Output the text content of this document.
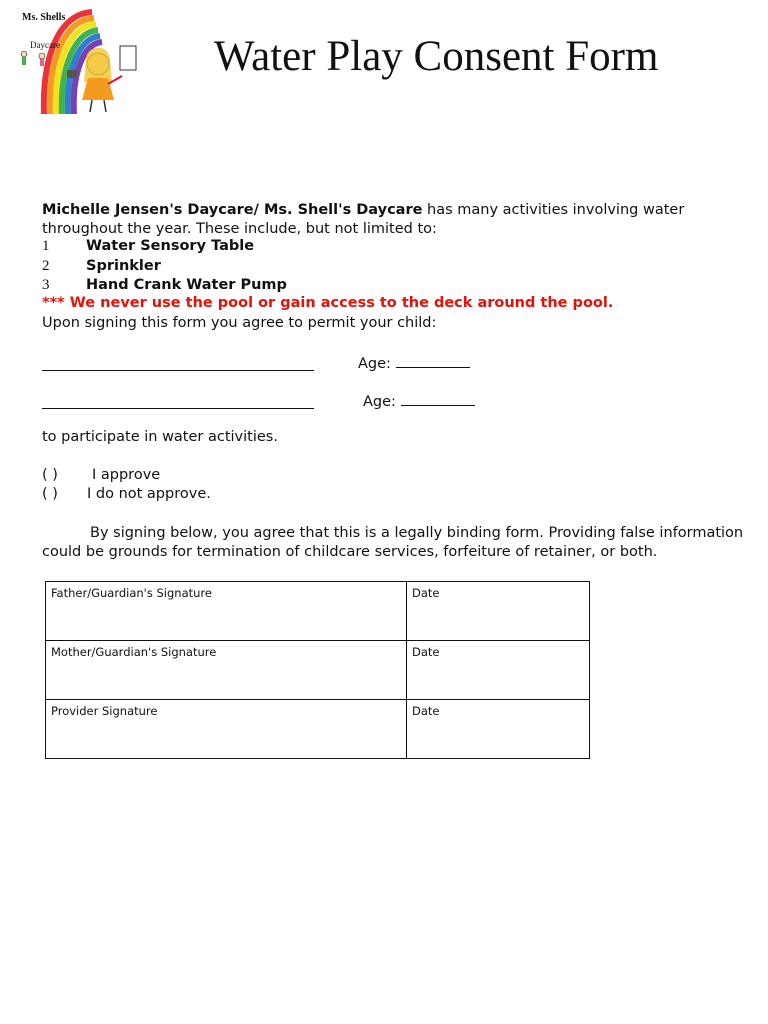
Ms. Shells
Daycare	Water Play Consent Form
Michelle Jensen's Daycare/ Ms. Shell's Daycare has many activities involving water throughout the year. These include, but not limited to:
1	Water Sensory Table
2	Sprinkler
3	Hand Crank Water Pump
*** We never use the pool or gain access to the deck around the pool.
Upon signing this form you agree to permit your child:
Age:
Age:
to participate in water activities.
( ) I approve
( ) I do not approve.
By signing below, you agree that this is a legally binding form. Providing false information could be grounds for termination of childcare services, forfeiture of retainer, or both.
Father/Guardian's Signature	Date
Mother/Guardian's Signature	Date
Provider Signature	Date
